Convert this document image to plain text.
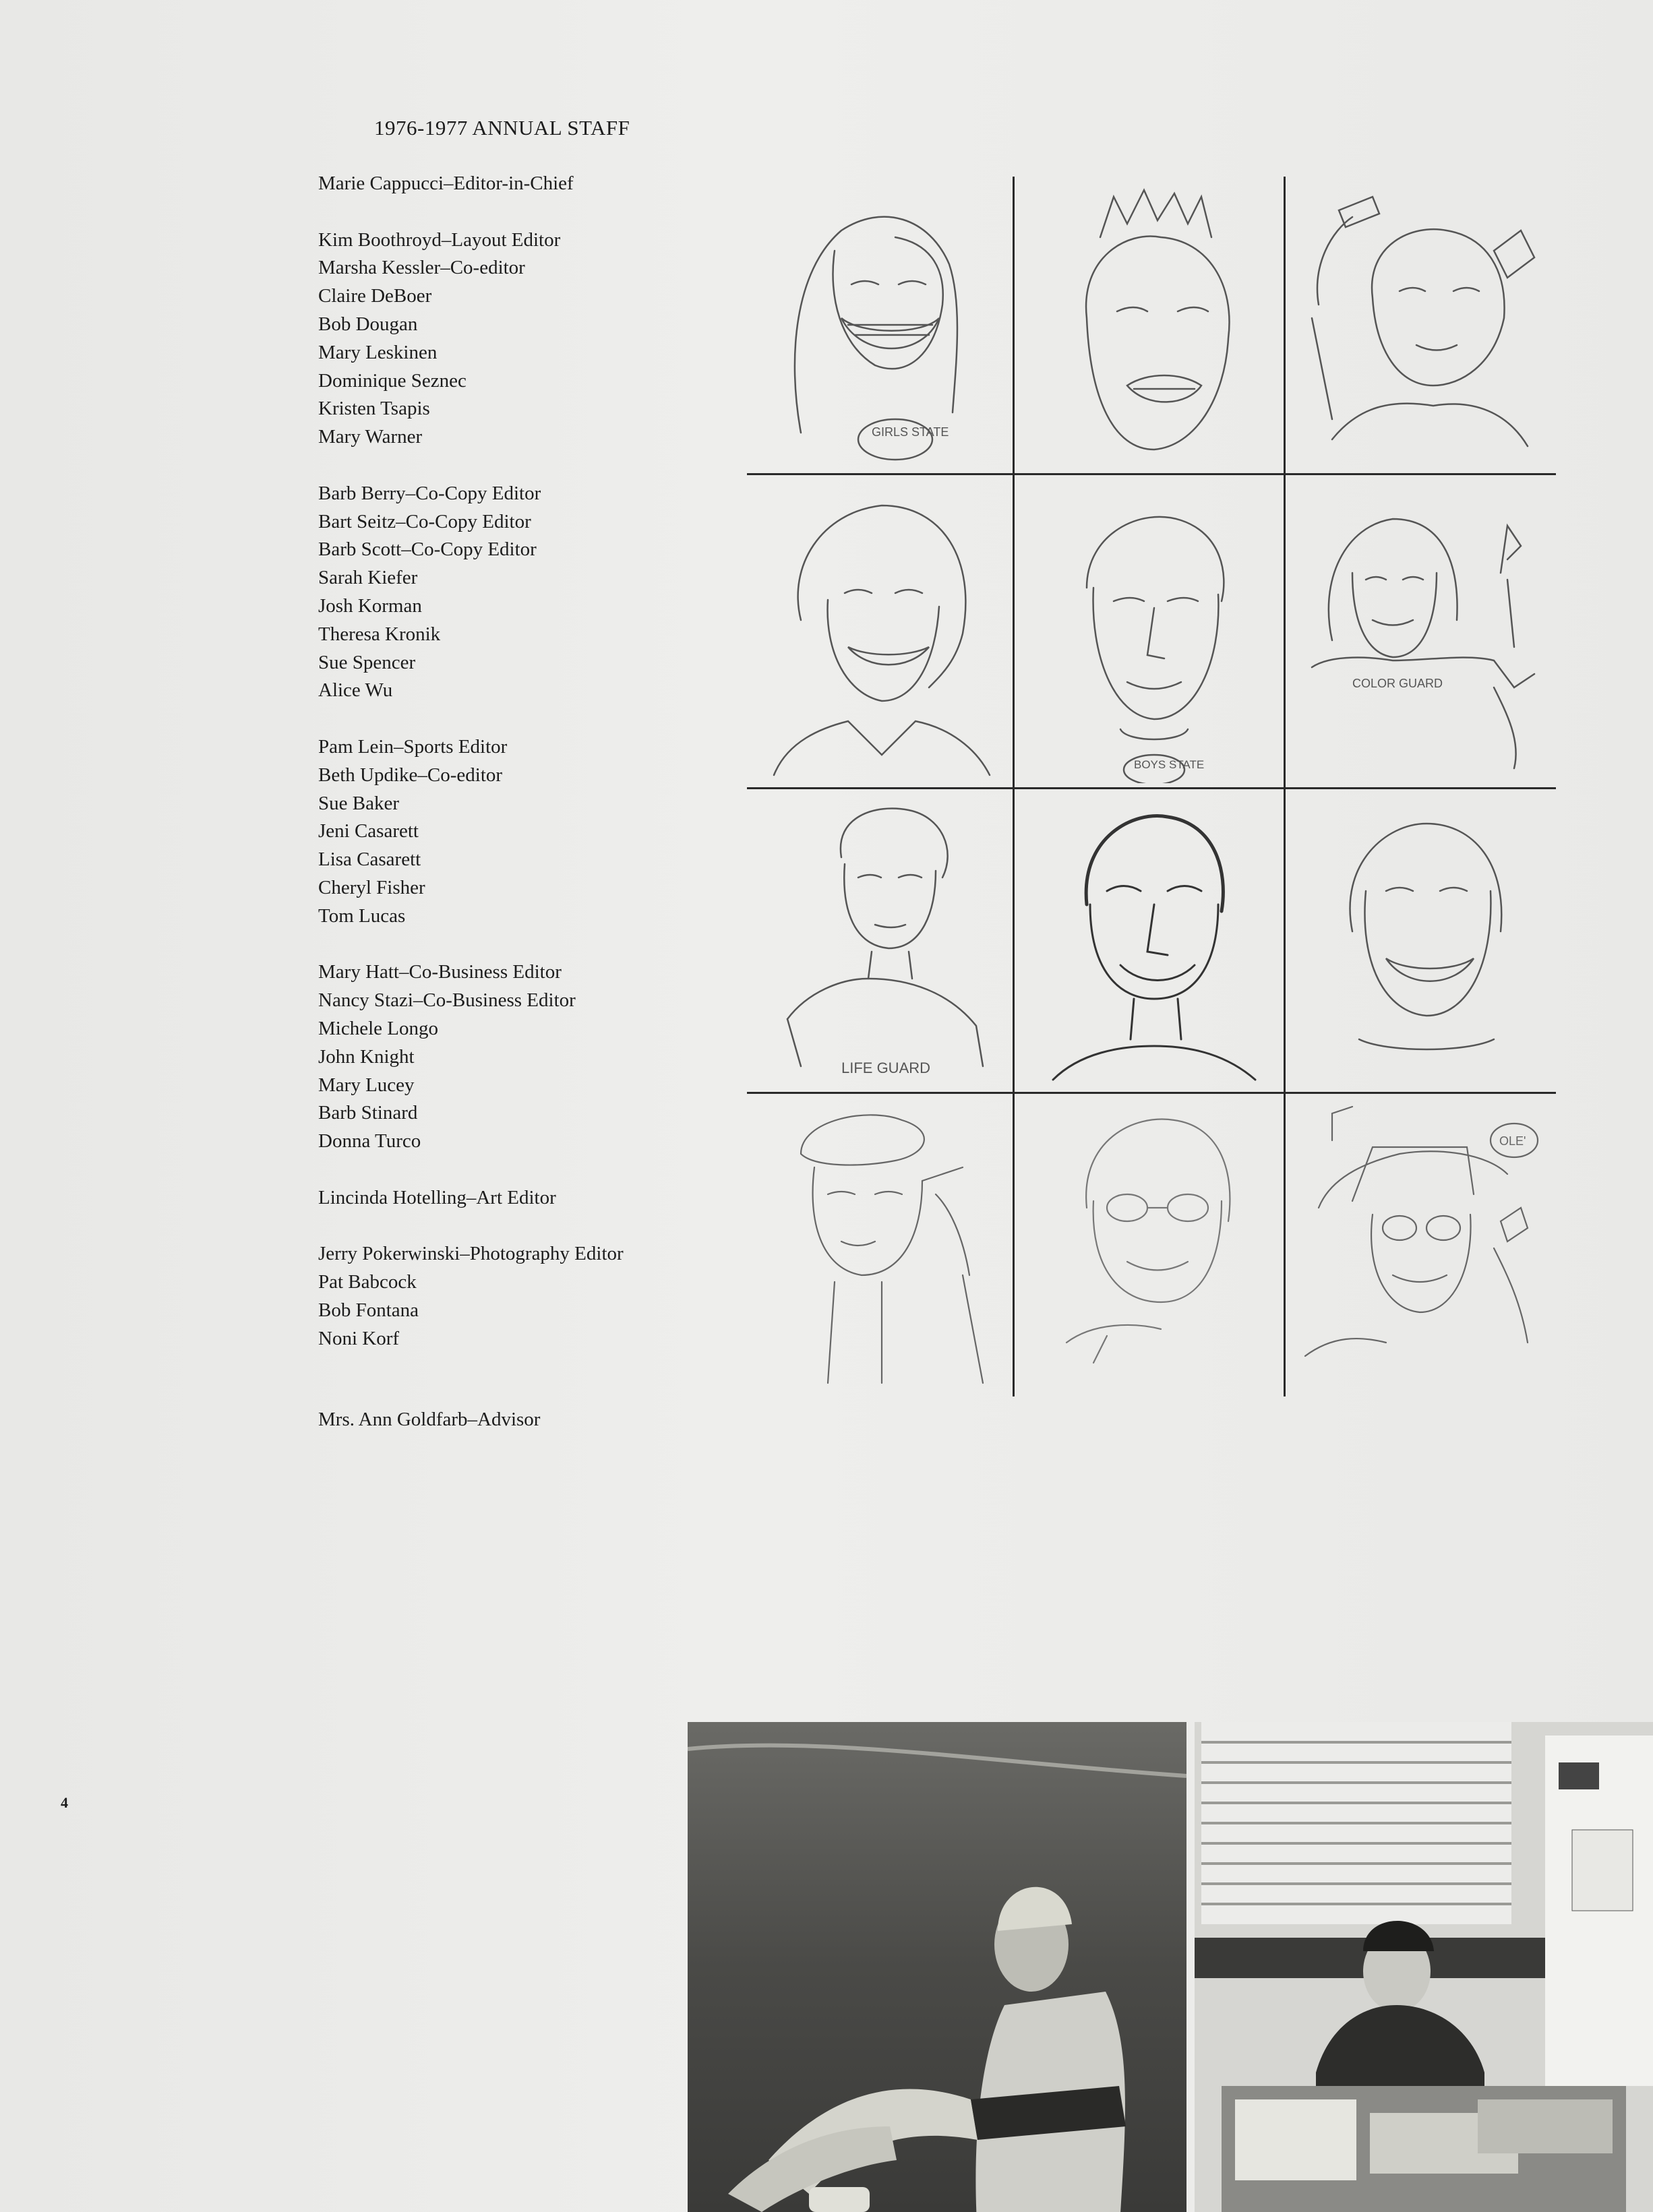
1976-1977 ANNUAL STAFF
Marie Cappucci–Editor-in-Chief
Kim Boothroyd–Layout Editor
Marsha Kessler–Co-editor
Claire DeBoer
Bob Dougan
Mary Leskinen
Dominique Seznec
Kristen Tsapis
Mary Warner
Barb Berry–Co-Copy Editor
Bart Seitz–Co-Copy Editor
Barb Scott–Co-Copy Editor
Sarah Kiefer
Josh Korman
Theresa Kronik
Sue Spencer
Alice Wu
Pam Lein–Sports Editor
Beth Updike–Co-editor
Sue Baker
Jeni Casarett
Lisa Casarett
Cheryl Fisher
Tom Lucas
Mary Hatt–Co-Business Editor
Nancy Stazi–Co-Business Editor
Michele Longo
John Knight
Mary Lucey
Barb Stinard
Donna Turco
Lincinda Hotelling–Art Editor
Jerry Pokerwinski–Photography Editor
Pat Babcock
Bob Fontana
Noni Korf
Mrs. Ann Goldfarb–Advisor
GIRLS STATE
BOYS STATE
COLOR GUARD
LIFE GUARD
OLE'
4
